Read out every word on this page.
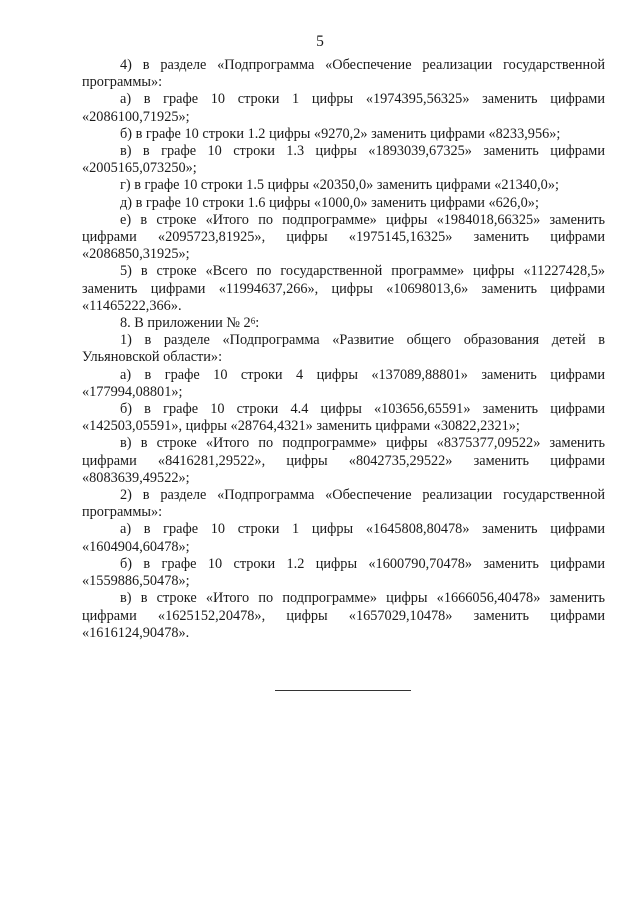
5

4) в разделе «Подпрограмма «Обеспечение реализации государственной программы»:

а) в графе 10 строки 1 цифры «1974395,56325» заменить цифрами «2086100,71925»;

б) в графе 10 строки 1.2 цифры «9270,2» заменить цифрами «8233,956»;

в) в графе 10 строки 1.3 цифры «1893039,67325» заменить цифрами «2005165,073250»;

г) в графе 10 строки 1.5 цифры «20350,0» заменить цифрами «21340,0»;

д) в графе 10 строки 1.6 цифры «1000,0» заменить цифрами «626,0»;

е) в строке «Итого по подпрограмме» цифры «1984018,66325» заменить цифрами «2095723,81925», цифры «1975145,16325» заменить цифрами «2086850,31925»;

5) в строке «Всего по государственной программе» цифры «11227428,5» заменить цифрами «11994637,266», цифры «10698013,6» заменить цифрами «11465222,366».

8. В приложении № $2^6$:

1) в разделе «Подпрограмма «Развитие общего образования детей в Ульяновской области»:

а) в графе 10 строки 4 цифры «137089,88801» заменить цифрами «177994,08801»;

б) в графе 10 строки 4.4 цифры «103656,65591» заменить цифрами «142503,05591», цифры «28764,4321» заменить цифрами «30822,2321»;

в) в строке «Итого по подпрограмме» цифры «8375377,09522» заменить цифрами «8416281,29522», цифры «8042735,29522» заменить цифрами «8083639,49522»;

2) в разделе «Подпрограмма «Обеспечение реализации государственной программы»:

а) в графе 10 строки 1 цифры «1645808,80478» заменить цифрами «1604904,60478»;

б) в графе 10 строки 1.2 цифры «1600790,70478» заменить цифрами «1559886,50478»;

в) в строке «Итого по подпрограмме» цифры «1666056,40478» заменить цифрами «1625152,20478», цифры «1657029,10478» заменить цифрами «1616124,90478».
